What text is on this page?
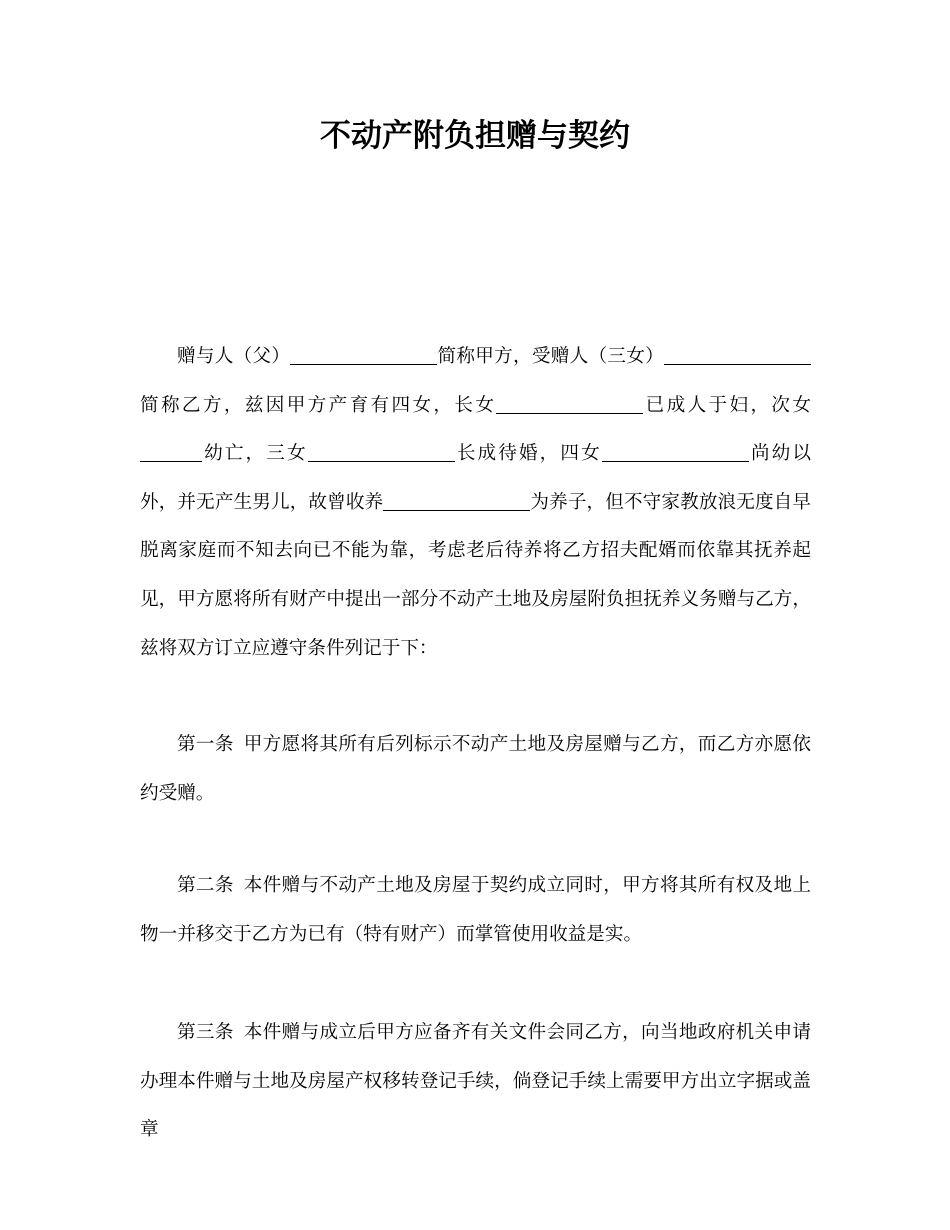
不动产附负担赠与契约

赠与人（父）	简称甲方，受赠人（三女）简称乙方，兹因甲方产育有四女，长女	已成人于妇，次女幼亡，三女	长成待婚，四女	尚幼以外，并无产生男儿，故曾收养	为养子，但不守家教放浪无度自早脱离家庭而不知去向已不能为靠，考虑老后待养将乙方招夫配婿而依靠其抚养起见，甲方愿将所有财产中提出一部分不动产土地及房屋附负担抚养义务赠与乙方，兹将双方订立应遵守条件列记于下：

第一条 甲方愿将其所有后列标示不动产土地及房屋赠与乙方，而乙方亦愿依约受赠。

第二条 本件赠与不动产土地及房屋于契约成立同时，甲方将其所有权及地上物一并移交于乙方为已有（特有财产）而掌管使用收益是实。

第三条 本件赠与成立后甲方应备齐有关文件会同乙方，向当地政府机关申请办理本件赠与土地及房屋产权移转登记手续，倘登记手续上需要甲方出立字据或盖章
